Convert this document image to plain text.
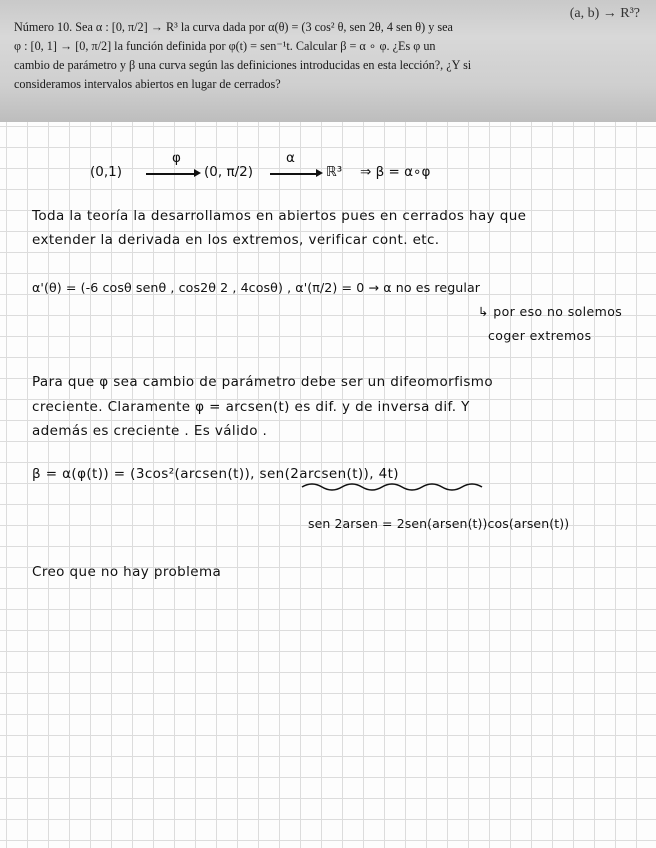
(a, b) → R³?

Número 10. Sea α : [0, π/2] → R³ la curva dada por α(θ) = (3 cos² θ, sen 2θ, 4 sen θ) y sea

φ : [0, 1] → [0, π/2] la función definida por φ(t) = sen⁻¹t. Calcular β = α ∘ φ. ¿Es φ un

cambio de parámetro y β una curva según las definiciones introducidas en esta lección?, ¿Y si

consideramos intervalos abiertos en lugar de cerrados?

(0,1)
φ
(0, π/2)
α
ℝ³ ⇒ β = α∘φ

Toda la teoría la desarrollamos en abiertos pues en cerrados hay que

extender la derivada en los extremos, verificar cont. etc.

α'(θ) = (-6 cosθ senθ , cos2θ 2 , 4cosθ) , α'(π/2) = 0 → α no es regular

↳ por eso no solemos

coger extremos

Para que φ sea cambio de parámetro debe ser un difeomorfismo

creciente. Claramente φ = arcsen(t) es dif. y de inversa dif. Y

además es creciente . Es válido .

β = α(φ(t)) = (3cos²(arcsen(t)), sen(2arcsen(t)), 4t)

sen 2arsen = 2sen(arsen(t))cos(arsen(t))

Creo que no hay problema
